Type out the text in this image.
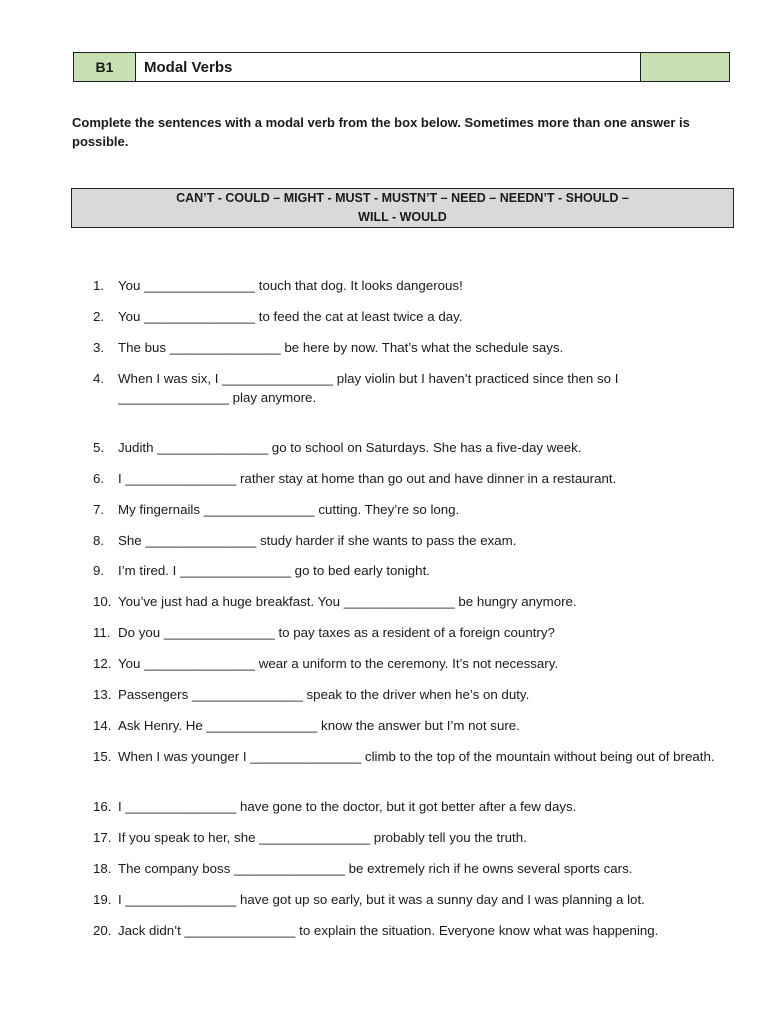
B1	Modal Verbs
Complete the sentences with a modal verb from the box below. Sometimes more than one answer is possible.
CAN’T - COULD – MIGHT - MUST - MUSTN’T – NEED – NEEDN’T - SHOULD –
WILL - WOULD
1.	You _______________ touch that dog. It looks dangerous!
2.	You _______________ to feed the cat at least twice a day.
3.	The bus _______________ be here by now. That’s what the schedule says.
4.	When I was six, I _______________ play violin but I haven’t practiced since then so I _______________ play anymore.
5.	Judith _______________ go to school on Saturdays. She has a five-day week.
6.	I _______________ rather stay at home than go out and have dinner in a restaurant.
7.	My fingernails _______________ cutting. They’re so long.
8.	She _______________ study harder if she wants to pass the exam.
9.	I’m tired. I _______________ go to bed early tonight.
10. You’ve just had a huge breakfast. You _______________ be hungry anymore.
11. Do you _______________ to pay taxes as a resident of a foreign country?
12. You _______________ wear a uniform to the ceremony. It’s not necessary.
13. Passengers _______________ speak to the driver when he’s on duty.
14. Ask Henry. He _______________ know the answer but I’m not sure.
15. When I was younger I _______________ climb to the top of the mountain without being out of breath.
16. I _______________ have gone to the doctor, but it got better after a few days.
17. If you speak to her, she _______________ probably tell you the truth.
18. The company boss _______________ be extremely rich if he owns several sports cars.
19. I _______________ have got up so early, but it was a sunny day and I was planning a lot.
20. Jack didn’t _______________ to explain the situation. Everyone know what was happening.
